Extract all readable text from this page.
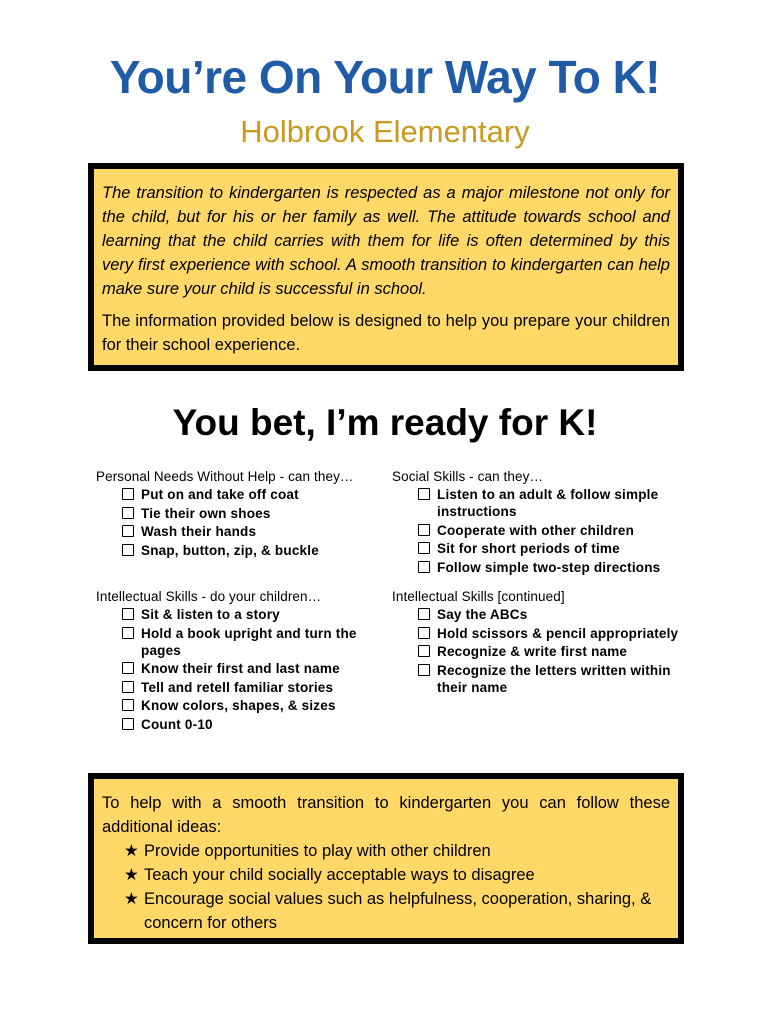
You’re On Your Way To K!
Holbrook Elementary

The transition to kindergarten is respected as a major milestone not only for the child, but for his or her family as well. The attitude towards school and learning that the child carries with them for life is often determined by this very first experience with school. A smooth transition to kindergarten can help make sure your child is successful in school.

The information provided below is designed to help you prepare your children for their school experience.

You bet, I’m ready for K!
Personal Needs Without Help - can they…
Put on and take off coat
Tie their own shoes
Wash their hands
Snap, button, zip, & buckle
Social Skills - can they…
Listen to an adult & follow simple instructions
Cooperate with other children
Sit for short periods of time
Follow simple two-step directions
Intellectual Skills - do your children…
Sit & listen to a story
Hold a book upright and turn the pages
Know their first and last name
Tell and retell familiar stories
Know colors, shapes, & sizes
Count 0-10
Intellectual Skills [continued]
Say the ABCs
Hold scissors & pencil appropriately
Recognize & write first name
Recognize the letters written within their name

To help with a smooth transition to kindergarten you can follow these additional ideas:

★ Provide opportunities to play with other children
★ Teach your child socially acceptable ways to disagree
★ Encourage social values such as helpfulness, cooperation, sharing, & concern for others
